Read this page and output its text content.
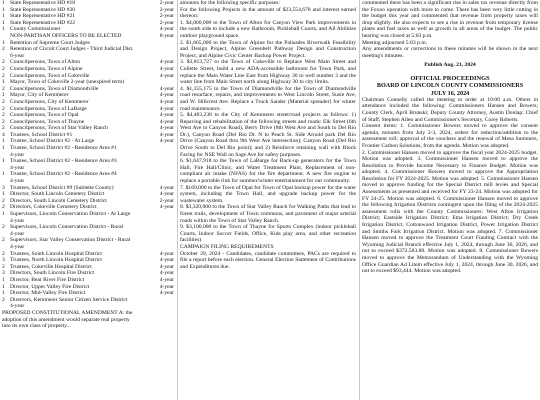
1 State Representative HD #18	2-year
1 State Representative HD #20	2-year
1 State Representative HD #21	2-year
1 State Representative HD #22	2-year
1 County Commissioner	4-year
NON-PARTISAN OFFICERS TO BE ELECTED	8-year
1 Retention of Supreme Court Judges
2 Retention of Circuit Court Judges - Third Judicial Dist.
6-year
2 Councilpersons, Town of Alton	4-year
2 Councilpersons, Town of Alpine	4-year
2 Councilpersons, Town of Cokeville	4-year
1 Mayor, Town of Cokeville 2-year (unexpired term)
2 Councilpersons, Town of Diamondville	4-year
1 Mayor, City of Kemmerer	4-year
2 Councilpersons, City of Kemmerer	4-year
2 Councilpersons, Town of LaBarge	4-year
2 Councilpersons, Town of Opal	4-year
2 Councilpersons, Town of Thayne	4-year
2 Councilpersons, Town of Star Valley Ranch	4-year
4 Trustees, School District #1	4-year
1 Trustee, School District #2 - At Large	4-year
1 Trustee, School District #2 - Residence Area #1
4-year
1 Trustee, School District #2 - Residence Area #3
4-year
1 Trustee, School District #2 - Residence Area #4
4-year
3 Trustees, School District #9 (Sublette County)	4-year
1 Director, South Lincoln Cemetery District	4-year
2 Directors, South Lincoln Cemetery District	2-year
2 Directors, Cokeville Cemetery District	4-year
1 Supervisors, Lincoln Conservation District - At Large
4-year
2 Supervisors, Lincoln Conservation District - Rural
4-year
2 Supervisors, Star Valley Conservation District - Rural
4-year
2 Trustees, South Lincoln Hospital District	4-year
3 Trustees, North Lincoln Hospital District	4-year
2 Trustees, Cokeville Hospital District	4-year
3 Directors, South Lincoln Fire District	4-year
1 Director, Bear River Fire District	4-year
1 Director, Upper Valley Fire District	4-year
1 Director, Mid-Valley Fire District	4-year
2 Directors, Kemmerer Senior Citizen Service District
4-year
PROPOSED CONSTITUTIONAL AMENDMENT A: the
adoption of this amendment would separate real property
into its own class of property...

amounts for the following specific purposes:

For the following Projects in the amount of $23,554,678 and interest earned thereon:

1. $4,000,000 to the Town of Afton for Canyon View Park improvements in the south side to include a new Bathroom, Pickleball Courts, and All Abilities outdoor playground space.

2. $1,665,000 to the Town of Alpine for the Palisades Riverwalk Feasibility and Design Project, Alpine Greenbelt Pathway Design and Construction Project, and Alpine Civic Center Backup Power Project.

3. $3,813,727 to the Town of Cokeville to Replace West Main Street and Collette Street, build a new ADA-accessible bathroom for Town Park, and replace the Main Water Line East from Highway 30 to well number 3 and the water line from Main Street north along Highway 30 to city limits.

4. $1,155,175 to the Town of Diamondville for the Town of Diamondville road resurface, repairs, and improvements to West Lincoln Street, Susie Ave, and W. Hillcrest Ave. Replace a Truck Sander (Material spreader) for winter road maintenance.

5. $4,483,238 to the City of Kemmerer street/road projects as follows: 1) Repaving and rehabilitation of the following streets and roads: Elk Street (6th West Ave to Canyon Road), Berry Drive (8th West Ave and South to Del Rio Dr.), Canyon Road (Del Rio Dr. N to Peach St. Side Arnold park Del Rio Drive (Canyon Road thru 9th West Ave intersection); Canyon Road (Del Rio Drive South to Del Rio point); and 2) Reinforce retaining wall with Block Facing for NSE Wall on Sage Ave for safety purposes.

6. $1,647,918 to the Town of LaBarge for Back-up generators for the Town Hall, Fire Hall/Clinic, and Water Treatment Plant, Replacement of non-compliant air intake (NFAS) for the fire department. A new fire engine to replace a portable rink for summer/winter entertainment for our community.

7. $169,000 to the Town of Opal for Town of Opal backup power for the water system, including the Town Hall, and upgrade backup power for the wastewater system.

8. $3,320,000 to the Town of Star Valley Ranch for Walking Paths that lead to forest trails, development of Town commons, and pavement of major arterial roads within the Town of Star Valley Ranch.

9. $3,100,000 to the Town of Thayne for Sports Complex (indoor pickleball Courts, Indoor Soccer Fields, Office, Kids play area, and other recreation facilities)

CAMPAIGN FILING REQUIREMENTS

October 29, 2024 - Candidates, candidate committees, PACs are required to file a report before each election. General Election Statement of Contributions and Expenditures due.

commented there has been a significant rise in sales tax revenue directly from the Foxoo operation with more to come. There has been very little cutting in the budget this year and commented that revenue from property taxes will drop slightly. He also expects to see a rise in revenue from temporary license plates and fuel taxes as well as growth in all areas of the budget. The public hearing was closed at 5:03 p.m.

Meeting adjourned 5:03 p.m.

Any amendments or corrections to these minutes will be shown in the next meeting's minutes.

Publish Aug. 21, 2024
OFFICIAL PROCEEDINGS
BOARD OF LINCOLN COUNTY COMMISSIONERS
JULY 16, 2024

Chairman Connelly called the meeting to order at 10:00 a.m. Others in attendance included the following: Commissioners Hansen and Bowers; County Clerk, April Brunski; Deputy County Attorney, Austin Donlap; Chief of Staff, Stephen Allen and Commissioner's Secretary, Corey Roberts.

Consent items: 1. Commissioner Bowers moved to approve the consent agenda, minutes from July 2-3, 2024, orders for reduction/addition to the assessment roll; approval of the vouchers and the renewal of Mesa Summers, Frontier Carbon Solutions, from the agenda. Motion was adopted.

2. Commissioner Hansen moved to approve the fiscal year 2024-2025 budget. Motion was adopted. 3. Commissioner Hansen moved to approve the Resolution to Provide Income Necessary to Finance Budget. Motion was adopted. 4. Commissioner Bowers moved to approve the Appropriation Resolution for FY 2024-2025. Motion was adopted. 5. Commissioner Hansen moved to approve funding for the Special District mill levies and Special Assessments as presented and received for FY 23-24. Motion was adopted for FY 24-25. Motion was adopted. 6. Commissioner Hansen moved to approve the following Irrigation Districts contingent upon the filing of the 2024-2025 assessment rolls with the County Commissioners: West Afton Irrigation District; Eastside Irrigation District; Etna Irrigation District; Dry Creek Irrigation District, Cottonwood Irrigation District, Power Irrigation District and Smiths Fork Irrigation District. Motion was adopted. 7. Commissioner Hansen moved to approve the Treatment Court Funding Contract with the Wyoming Judicial Branch effective July 1, 2024, through June 30, 2026, and not to exceed $372,583.88. Motion was adopted. 8. Commissioner Bowers moved to approve the Memorandum of Understanding with the Wyoming Office Guardian Ad Litem effective July 1, 2024, through June 30, 2026, and not to exceed $93,444. Motion was adopted.
